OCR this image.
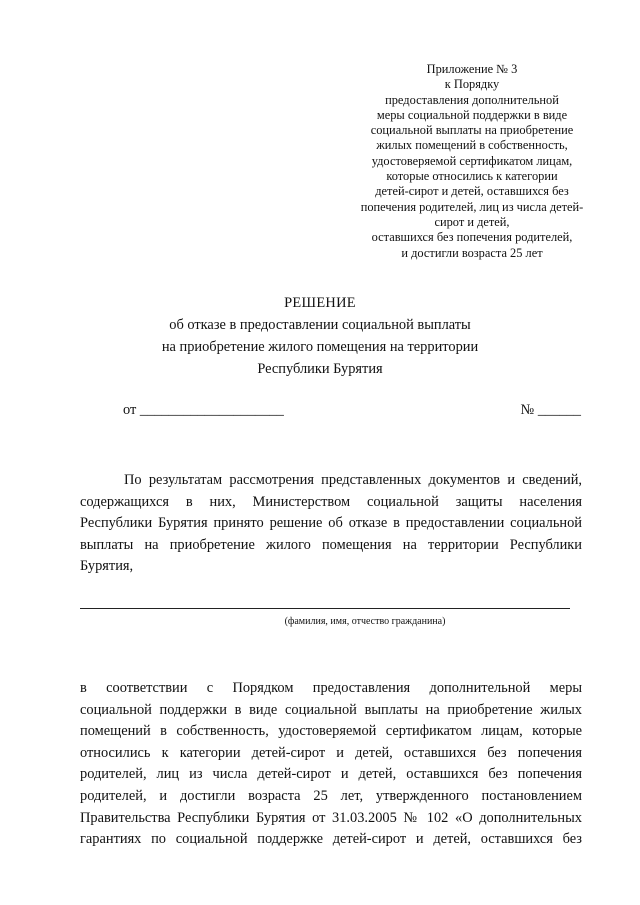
Приложение № 3
к Порядку
предоставления дополнительной
меры социальной поддержки в виде
социальной выплаты на приобретение
жилых помещений в собственность,
удостоверяемой сертификатом лицам,
которые относились к категории
детей-сирот и детей, оставшихся без
попечения родителей, лиц из числа детей-
сирот и детей,
оставшихся без попечения родителей,
и достигли возраста 25 лет
РЕШЕНИЕ
об отказе в предоставлении социальной выплаты
на приобретение жилого помещения на территории
Республики Бурятия
от ____________________	№ ______
По результатам рассмотрения представленных документов и сведений,
содержащихся в них, Министерством социальной защиты населения
Республики Бурятия принято решение об отказе в предоставлении социальной
выплаты на приобретение жилого помещения на территории Республики
Бурятия,
(фамилия, имя, отчество гражданина)
в соответствии с Порядком предоставления дополнительной меры
социальной поддержки в виде социальной выплаты на приобретение жилых
помещений в собственность, удостоверяемой сертификатом лицам, которые
относились к категории детей-сирот и детей, оставшихся без попечения
родителей, лиц из числа детей-сирот и детей, оставшихся без попечения
родителей, и достигли возраста 25 лет, утвержденного постановлением
Правительства Республики Бурятия от 31.03.2005 № 102 «О дополнительных
гарантиях по социальной поддержке детей-сирот и детей, оставшихся без
